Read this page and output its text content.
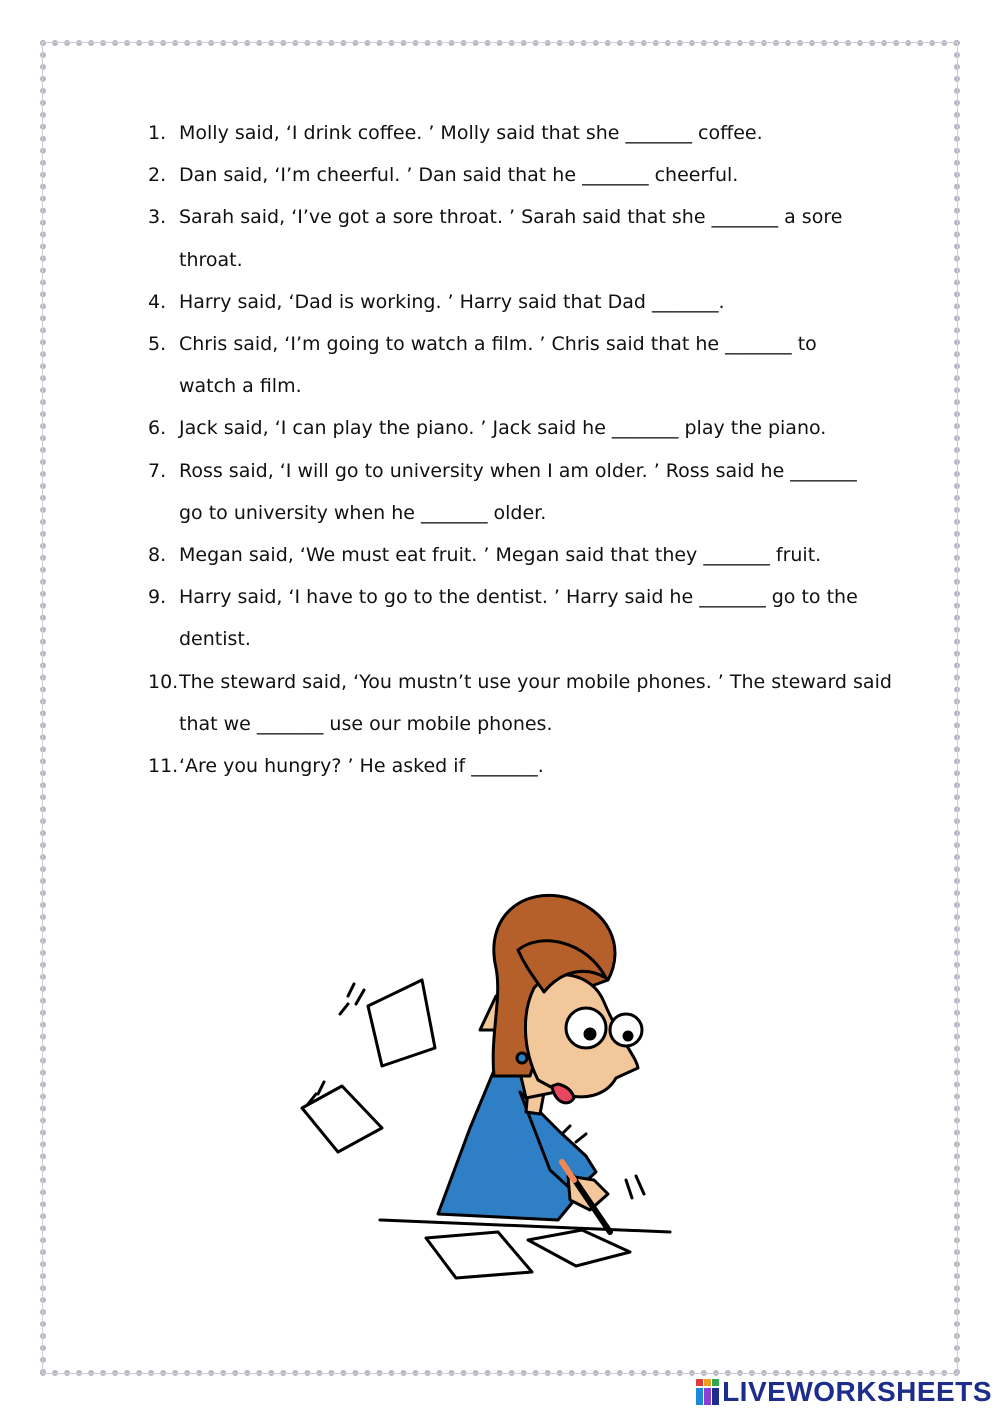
1. Molly said, ‘I drink coffee. ’ Molly said that she _______ coffee.
2. Dan said, ‘I’m cheerful. ’ Dan said that he _______ cheerful.
3. Sarah said, ‘I’ve got a sore throat. ’ Sarah said that she _______ a sore
throat.
4. Harry said, ‘Dad is working. ’ Harry said that Dad _______.
5. Chris said, ‘I’m going to watch a film. ’ Chris said that he _______ to
watch a film.
6. Jack said, ‘I can play the piano. ’ Jack said he _______ play the piano.
7. Ross said, ‘I will go to university when I am older. ’ Ross said he _______
go to university when he _______ older.
8. Megan said, ‘We must eat fruit. ’ Megan said that they _______ fruit.
9. Harry said, ‘I have to go to the dentist. ’ Harry said he _______ go to the
dentist.
10. The steward said, ‘You mustn’t use your mobile phones. ’ The steward said
that we _______ use our mobile phones.
11. ‘Are you hungry? ’ He asked if _______.
LIVEWORKSHEETS
